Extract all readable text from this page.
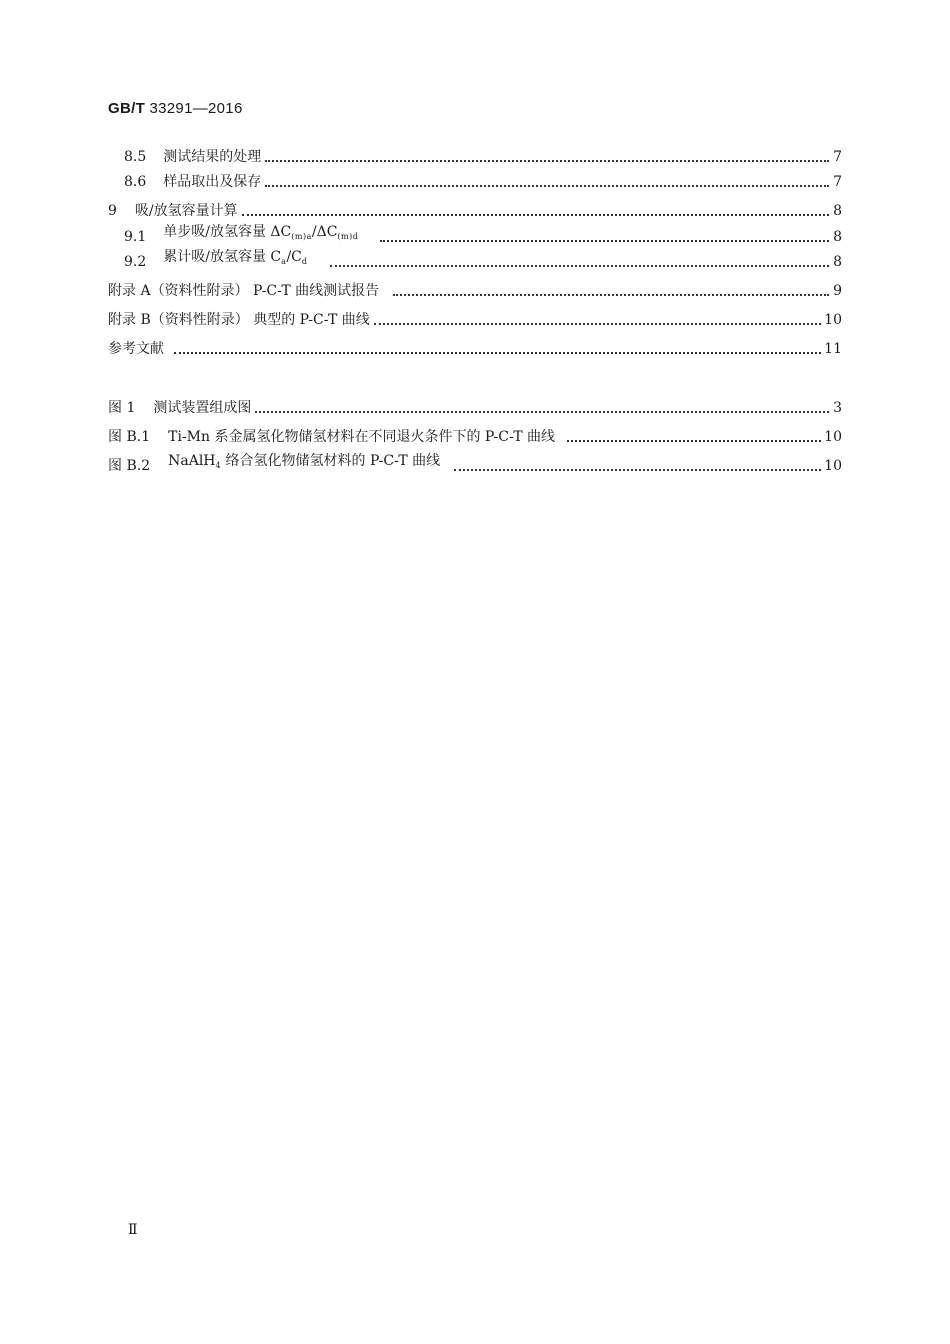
GB/T 33291—2016
8.5 测试结果的处理	7
8.6 样品取出及保存	7
9 吸/放氢容量计算	8
9.1 单步吸/放氢容量 $\Delta C_{(m)a}/\Delta C_{(m)d}$	8
9.2 累计吸/放氢容量 $C_a/C_d$	8
附录 A （资料性附录） P-C-T 曲线测试报告	9
附录 B （资料性附录） 典型的 P-C-T 曲线	10
参考文献	11
图 1 测试装置组成图	3
图 B.1 Ti-Mn 系金属氢化物储氢材料在不同退火条件下的 P-C-T 曲线	10
图 B.2 NaAlH$_4$ 络合氢化物储氢材料的 P-C-T 曲线	10
Ⅱ
